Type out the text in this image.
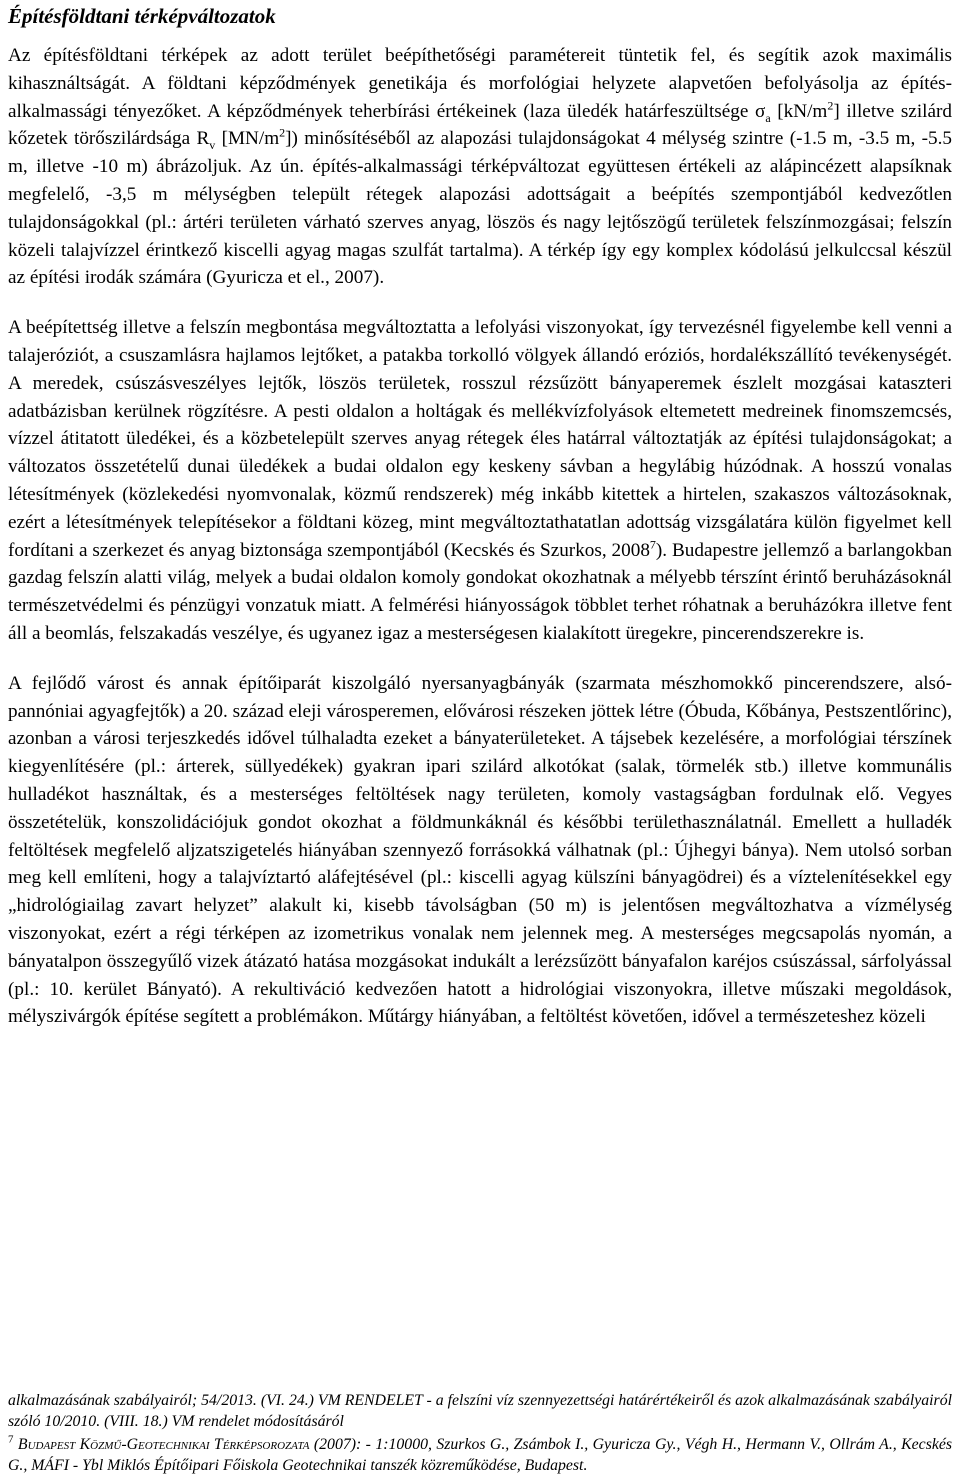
Építésföldtani térképváltozatok

Az építésföldtani térképek az adott terület beépíthetőségi paramétereit tüntetik fel, és segítik azok maximális kihasználtságát. A földtani képződmények genetikája és morfológiai helyzete alapvetően befolyásolja az építés-alkalmassági tényezőket. A képződmények teherbírási értékeinek (laza üledék határfeszültsége $\sigma_a$ $[kN/m^2]$ illetve szilárd kőzetek törőszilárdsága $R_v$ $[MN/m^2]$) minősítéséből az alapozási tulajdonságokat 4 mélység szintre (-1.5 m, -3.5 m, -5.5 m, illetve -10 m) ábrázoljuk. Az ún. építés-alkalmassági térképváltozat együttesen értékeli az alápincézett alapsíknak megfelelő, -3,5 m mélységben települt rétegek alapozási adottságait a beépítés szempontjából kedvezőtlen tulajdonságokkal (pl.: ártéri területen várható szerves anyag, löszös és nagy lejtőszögű területek felszínmozgásai; felszín közeli talajvízzel érintkező kiscelli agyag magas szulfát tartalma). A térkép így egy komplex kódolású jelkulccsal készül az építési irodák számára (Gyuricza et el., 2007).

A beépítettség illetve a felszín megbontása megváltoztatta a lefolyási viszonyokat, így tervezésnél figyelembe kell venni a talajeróziót, a csuszamlásra hajlamos lejtőket, a patakba torkolló völgyek állandó eróziós, hordalékszállító tevékenységét. A meredek, csúszásveszélyes lejtők, löszös területek, rosszul rézsűzött bányaperemek észlelt mozgásai kataszteri adatbázisban kerülnek rögzítésre. A pesti oldalon a holtágak és mellékvízfolyások eltemetett medreinek finomszemcsés, vízzel átitatott üledékei, és a közbetelepült szerves anyag rétegek éles határral változtatják az építési tulajdonságokat; a változatos összetételű dunai üledékek a budai oldalon egy keskeny sávban a hegylábig húzódnak. A hosszú vonalas létesítmények (közlekedési nyomvonalak, közmű rendszerek) még inkább kitettek a hirtelen, szakaszos változásoknak, ezért a létesítmények telepítésekor a földtani közeg, mint megváltoztathatatlan adottság vizsgálatára külön figyelmet kell fordítani a szerkezet és anyag biztonsága szempontjából (Kecskés és Szurkos, 2008$^7$). Budapestre jellemző a barlangokban gazdag felszín alatti világ, melyek a budai oldalon komoly gondokat okozhatnak a mélyebb térszínt érintő beruházásoknál természetvédelmi és pénzügyi vonzatuk miatt. A felmérési hiányosságok többlet terhet róhatnak a beruházókra illetve fent áll a beomlás, felszakadás veszélye, és ugyanez igaz a mesterségesen kialakított üregekre, pincerendszerekre is.

A fejlődő várost és annak építőiparát kiszolgáló nyersanyagbányák (szarmata mészhomokkő pincerendszere, alsó-pannóniai agyagfejtők) a 20. század eleji városperemen, elővárosi részeken jöttek létre (Óbuda, Kőbánya, Pestszentlőrinc), azonban a városi terjeszkedés idővel túlhaladta ezeket a bányaterületeket. A tájsebek kezelésére, a morfológiai térszínek kiegyenlítésére (pl.: árterek, süllyedékek) gyakran ipari szilárd alkotókat (salak, törmelék stb.) illetve kommunális hulladékot használtak, és a mesterséges feltöltések nagy területen, komoly vastagságban fordulnak elő. Vegyes összetételük, konszolidációjuk gondot okozhat a földmunkáknál és későbbi területhasználatnál. Emellett a hulladék feltöltések megfelelő aljzatszigetelés hiányában szennyező forrásokká válhatnak (pl.: Újhegyi bánya). Nem utolsó sorban meg kell említeni, hogy a talajvíztartó aláfejtésével (pl.: kiscelli agyag külszíni bányagödrei) és a víztelenítésekkel egy „hidrológiailag zavart helyzet” alakult ki, kisebb távolságban (50 m) is jelentősen megváltozhatva a vízmélység viszonyokat, ezért a régi térképen az izometrikus vonalak nem jelennek meg. A mesterséges megcsapolás nyomán, a bányatalpon összegyűlő vizek átázató hatása mozgásokat indukált a lerézsűzött bányafalon karéjos csúszással, sárfolyással (pl.: 10. kerület Bányató). A rekultiváció kedvezően hatott a hidrológiai viszonyokra, illetve műszaki megoldások, mélyszivárgók építése segített a problémákon. Műtárgy hiányában, a feltöltést követően, idővel a természeteshez közeli

alkalmazásának szabályairól; 54/2013. (VI. 24.) VM RENDELET - a felszíni víz szennyezettségi határértékeiről és azok alkalmazásának szabályairól szóló 10/2010. (VIII. 18.) VM rendelet módosításáról

$^7$ Budapest Közmű-Geotechnikai Térképsorozata (2007): - 1:10000, Szurkos G., Zsámbok I., Gyuricza Gy., Végh H., Hermann V., Ollrám A., Kecskés G., MÁFI - Ybl Miklós Építőipari Főiskola Geotechnikai tanszék közreműködése, Budapest.
